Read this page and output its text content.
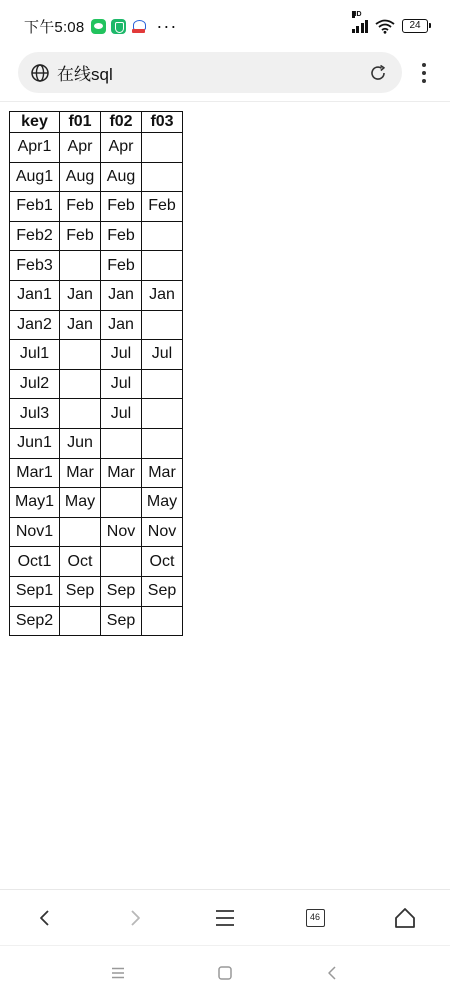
下午5:08	···
HD
24
在线sql
key	f01	f02	f03
Apr1	Apr	Apr	
Aug1	Aug	Aug	
Feb1	Feb	Feb	Feb
Feb2	Feb	Feb	
Feb3		Feb	
Jan1	Jan	Jan	Jan
Jan2	Jan	Jan	
Jul1		Jul	Jul
Jul2		Jul	
Jul3		Jul	
Jun1	Jun		
Mar1	Mar	Mar	Mar
May1	May		May
Nov1		Nov	Nov
Oct1	Oct		Oct
Sep1	Sep	Sep	Sep
Sep2		Sep	
46
